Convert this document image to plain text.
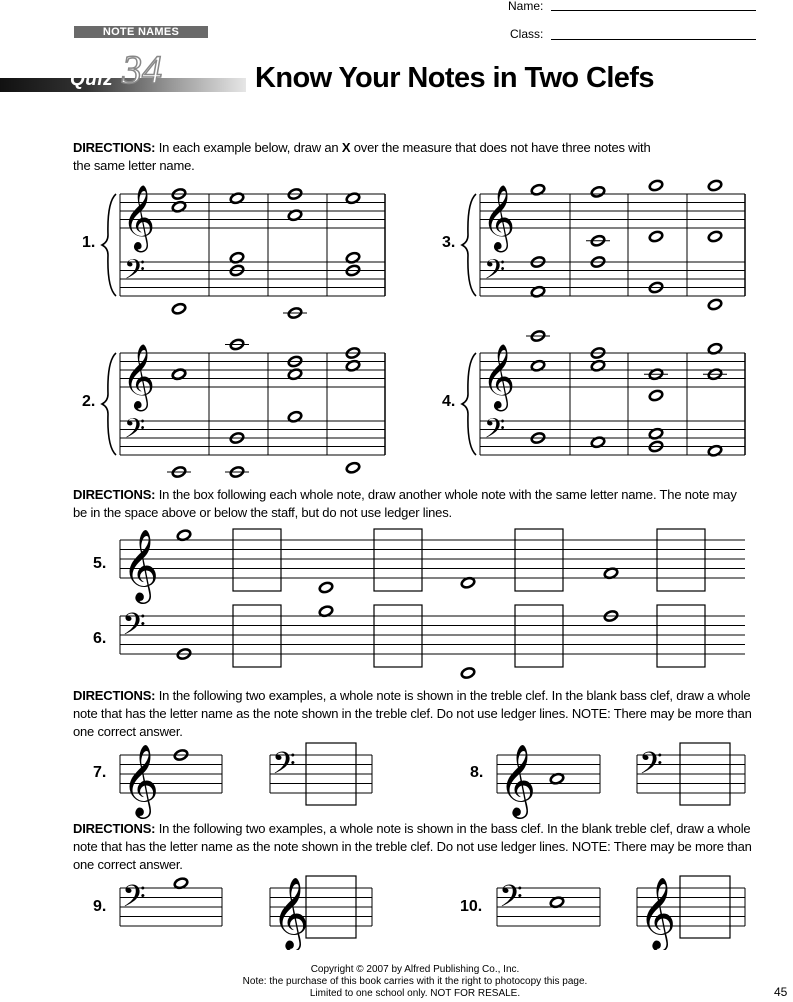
NOTE NAMES
Name:
Class:
34
Quiz	Know Your Notes in Two Clefs
DIRECTIONS: In each example below, draw an X over the measure that does not have three notes with
the same letter name.
1.
2.
3.
4.
𝄞
𝄢
𝄞
𝄢
𝄞
𝄢
𝄞
𝄢
DIRECTIONS: In the box following each whole note, draw another whole note with the same letter name. The note may
be in the space above or below the staff, but do not use ledger lines.
5.
6.
𝄞
𝄢
DIRECTIONS: In the following two examples, a whole note is shown in the treble clef. In the blank bass clef, draw a whole
note that has the letter name as the note shown in the treble clef. Do not use ledger lines. NOTE: There may be more than
one correct answer.
7.	8.
DIRECTIONS: In the following two examples, a whole note is shown in the bass clef. In the blank treble clef, draw a whole
note that has the letter name as the note shown in the treble clef. Do not use ledger lines. NOTE: There may be more than
one correct answer.
9.	10.
𝄞	𝄢	𝄞	𝄢
𝄢 𝄞	𝄢 𝄞
Copyright © 2007 by Alfred Publishing Co., Inc.
Note: the purchase of this book carries with it the right to photocopy this page.
Limited to one school only. NOT FOR RESALE.	45
